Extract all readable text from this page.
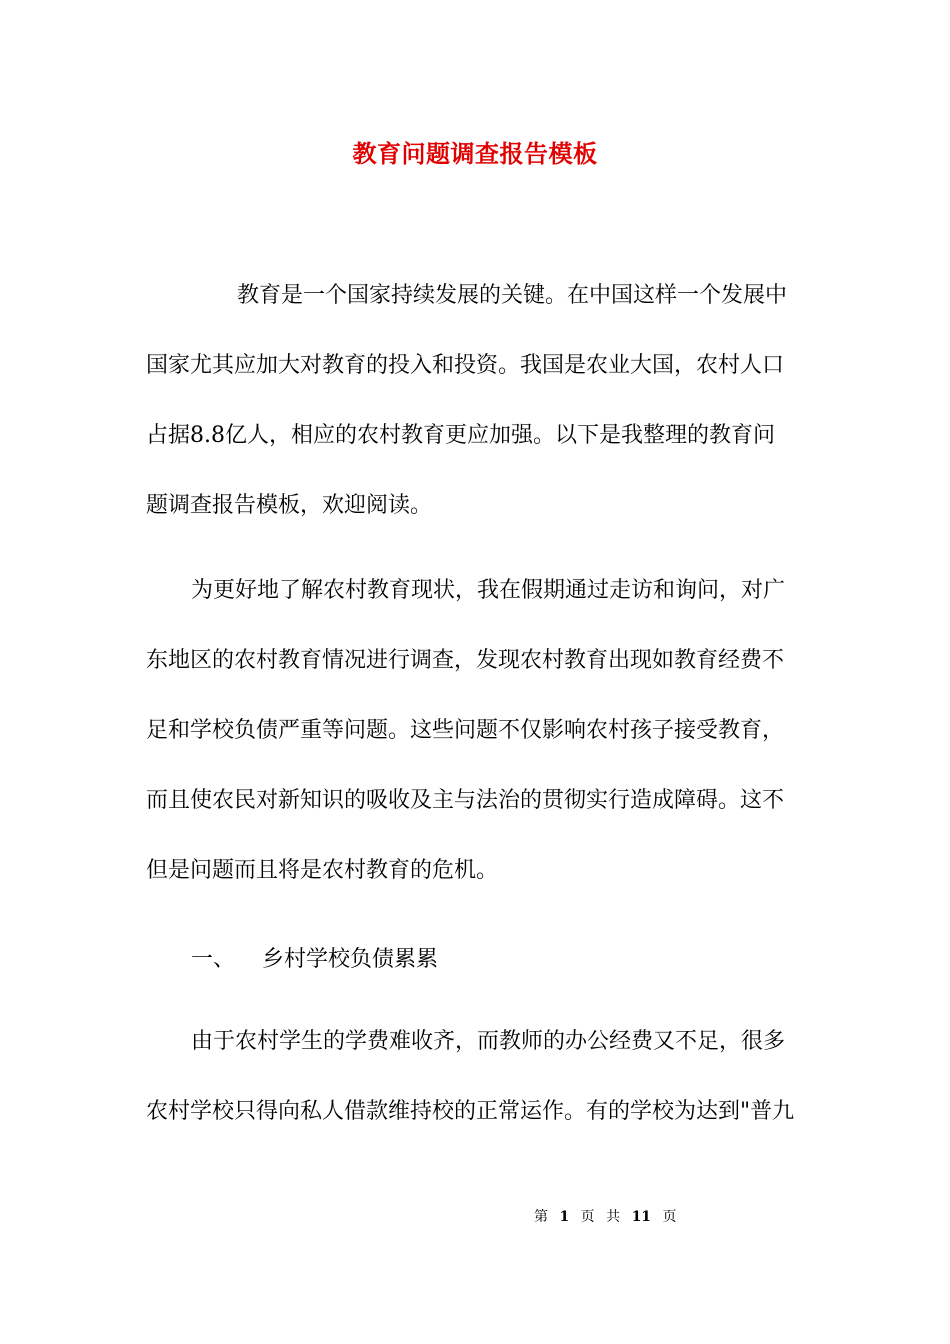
教育问题调查报告模板
教育是一个国家持续发展的关键。在中国这样一个发展中
国家尤其应加大对教育的投入和投资。我国是农业大国，农村人口
占据8.8亿人，相应的农村教育更应加强。以下是我整理的教育问
题调查报告模板，欢迎阅读。
为更好地了解农村教育现状，我在假期通过走访和询问，对广
东地区的农村教育情况进行调查，发现农村教育出现如教育经费不
足和学校负债严重等问题。这些问题不仅影响农村孩子接受教育，
而且使农民对新知识的吸收及主与法治的贯彻实行造成障碍。这不
但是问题而且将是农村教育的危机。
一、 乡村学校负债累累
由于农村学生的学费难收齐，而教师的办公经费又不足，很多
农村学校只得向私人借款维持校的正常运作。有的学校为达到"普九
第 1 页 共 11 页
